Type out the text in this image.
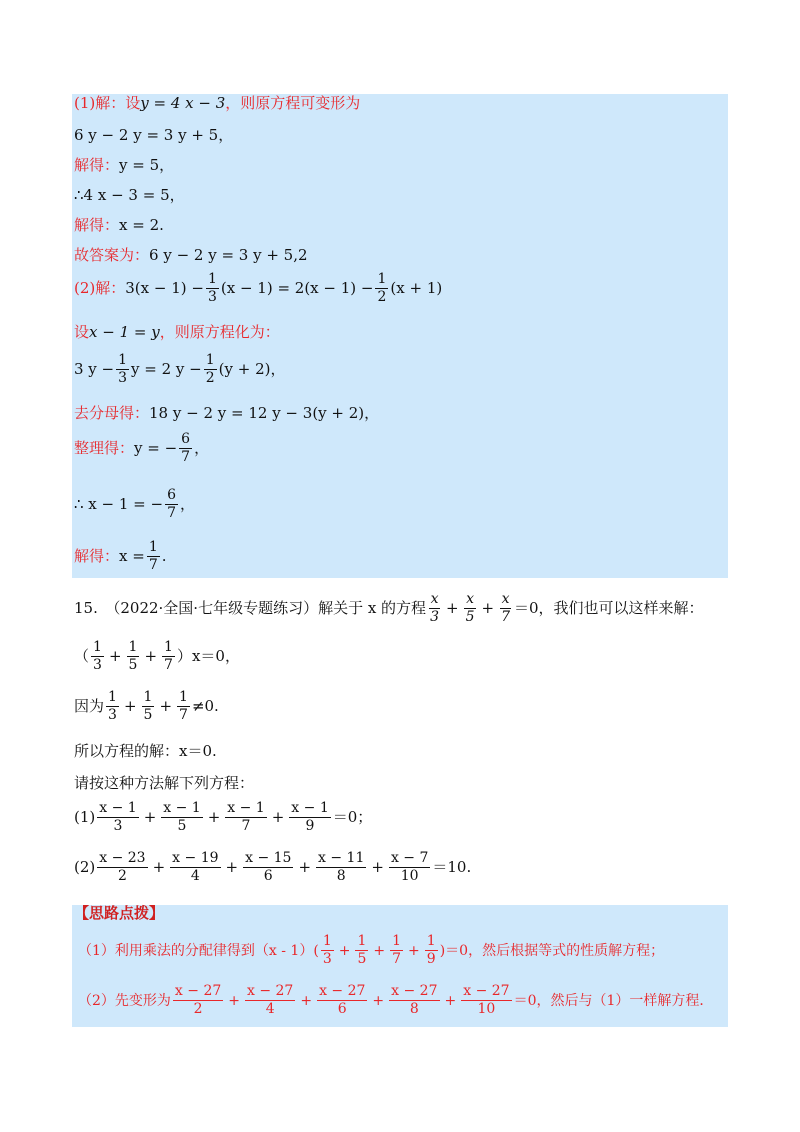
(1)解：设 y = 4 x − 3 ，则原方程可变形为
6 y − 2 y = 3 y + 5，
解得： y = 5，
∴4 x − 3 = 5，
解得： x = 2.
故答案为： 6 y − 2 y = 3 y + 5,2
(2)解： $3(x - 1) - \frac{1}{3} (x - 1) = 2(x - 1) - \frac{1}{2} (x + 1)$
设 x − 1 = y ，则原方程化为：
3 $y - \frac{1}{3}$ y = 2 $y - \frac{1}{2} (y + 2)$，
去分母得： 18 y − 2 y = 12 y − 3(y + 2)，
整理得： y = − $\frac{6}{7}$ ，
∴ x − 1 = − $\frac{6}{7}$ ，
解得： $x = \frac{1}{7}$ .
15.　（2022·全国·七年级专题练习）解关于 x 的方程 $\frac{x}{3} + \frac{x}{5} + \frac{x}{7} =0$，我们也可以这样来解：
（ $\frac{1}{3} + \frac{1}{5} + \frac{1}{7} )x=0$，
因为 $\frac{1}{3} + \frac{1}{5} + \frac{1}{7} \ne 0$.
所以方程的解：x＝0.
请按这种方法解下列方程：
$(1) \frac{x - 1}{3} + \frac{x - 1}{5} + \frac{x - 1}{7} + \frac{x - 1}{9} =0$；
$(2) \frac{x - 23}{2} + \frac{x - 19}{4} + \frac{x - 15}{6} + \frac{x - 11}{8} + \frac{x - 7}{10} =10$.
【思路点拨】
（1）利用乘法的分配律得到$(x - 1)( \frac{1}{3} + \frac{1}{5} + \frac{1}{7} + \frac{1}{9} )=0$，然后根据等式的性质解方程；
（2）先变形为 $\frac{x - 27}{2} + \frac{x - 27}{4} + \frac{x - 27}{6} + \frac{x - 27}{8} + \frac{x - 27}{10} =0$，然后与（1）一样解方程．
